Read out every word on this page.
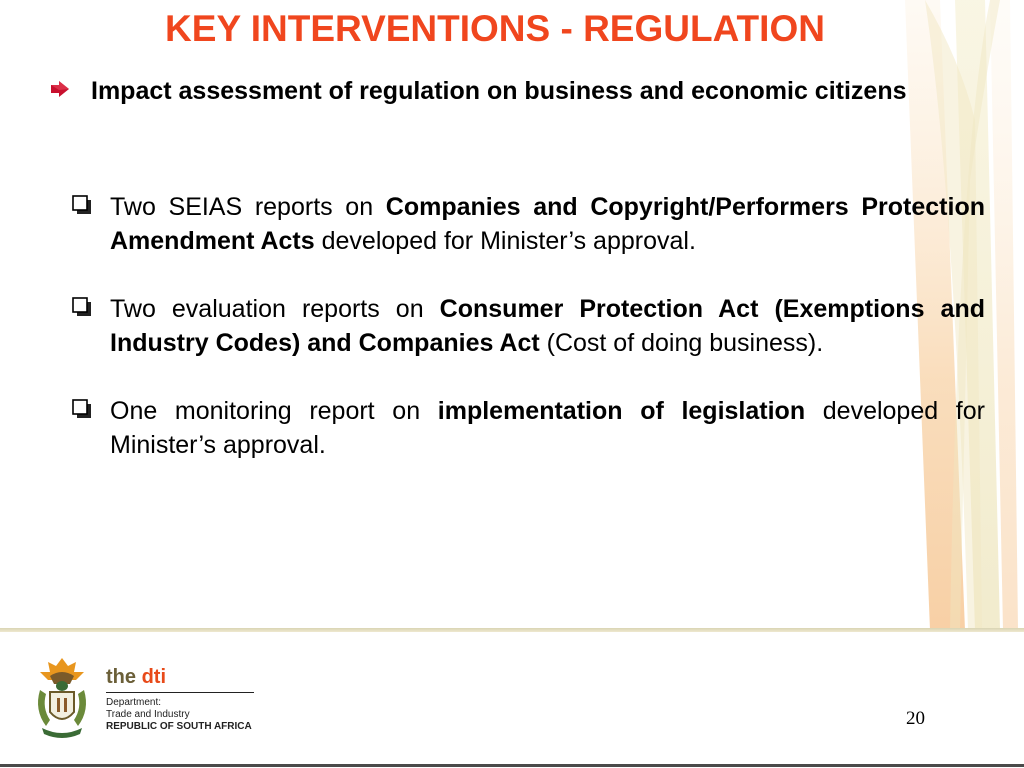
KEY INTERVENTIONS - REGULATION
Impact assessment of regulation on business and economic citizens
Two SEIAS reports on Companies and Copyright/Performers Protection Amendment Acts developed for Minister’s approval.
Two evaluation reports on Consumer Protection Act (Exemptions and Industry Codes) and Companies Act (Cost of doing business).
One monitoring report on implementation of legislation developed for Minister’s approval.
the dti
Department:
Trade and Industry
REPUBLIC OF SOUTH AFRICA	20
